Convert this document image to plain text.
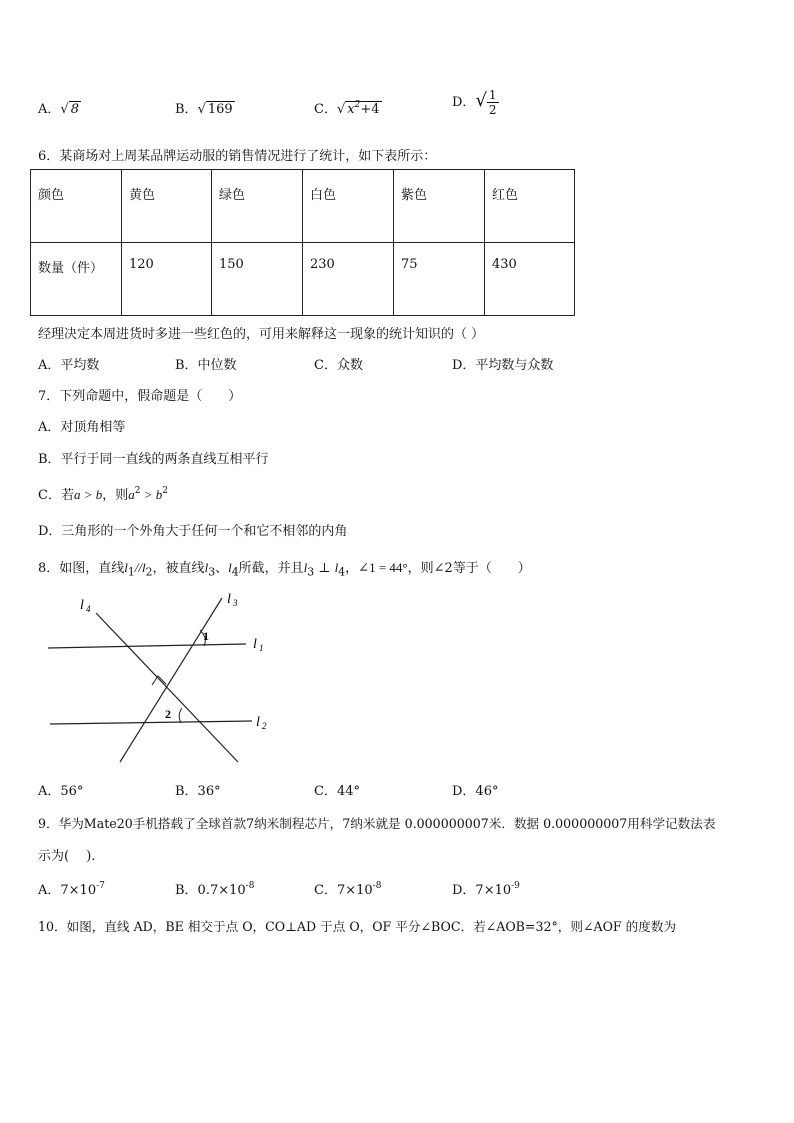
A．√ 8	B．√ 169	C．√ $x^2+4$	D．√ $\frac{1}{2}$
6．某商场对上周某品牌运动服的销售情况进行了统计，如下表所示：
颜色	黄色	绿色	白色	紫色	红色
数量（件）	120	150	230	75	430
经理决定本周进货时多进一些红色的，可用来解释这一现象的统计知识的（ ）
A．平均数	B．中位数	C．众数	D．平均数与众数
7．下列命题中，假命题是（　　）
A．对顶角相等
B．平行于同一直线的两条直线互相平行
C．若a > b，则$a^2 > b^2$
D．三角形的一个外角大于任何一个和它不相邻的内角
8．如图，直线$l_1//l_2$，被直线$l_3$、$l_4$所截，并且$l_3$ ⊥ $l_4$，∠1 = 44°，则∠2等于（　　）
l 4
l 3
l 1
l 2
1
2
A．56°	B．36°	C．44°	D．46°
9．华为Mate20手机搭载了全球首款7纳米制程芯片，7纳米就是 0.000000007米．数据 0.000000007用科学记数法表
示为(　 ).
A．$7\times 10^{-7}$	B．$0.7\times 10^{-8}$	C．$7\times 10^{-8}$	D．$7\times 10^{-9}$
10．如图，直线 AD，BE 相交于点 O，CO⊥AD 于点 O，OF 平分∠BOC．若∠AOB=32°，则∠AOF 的度数为
